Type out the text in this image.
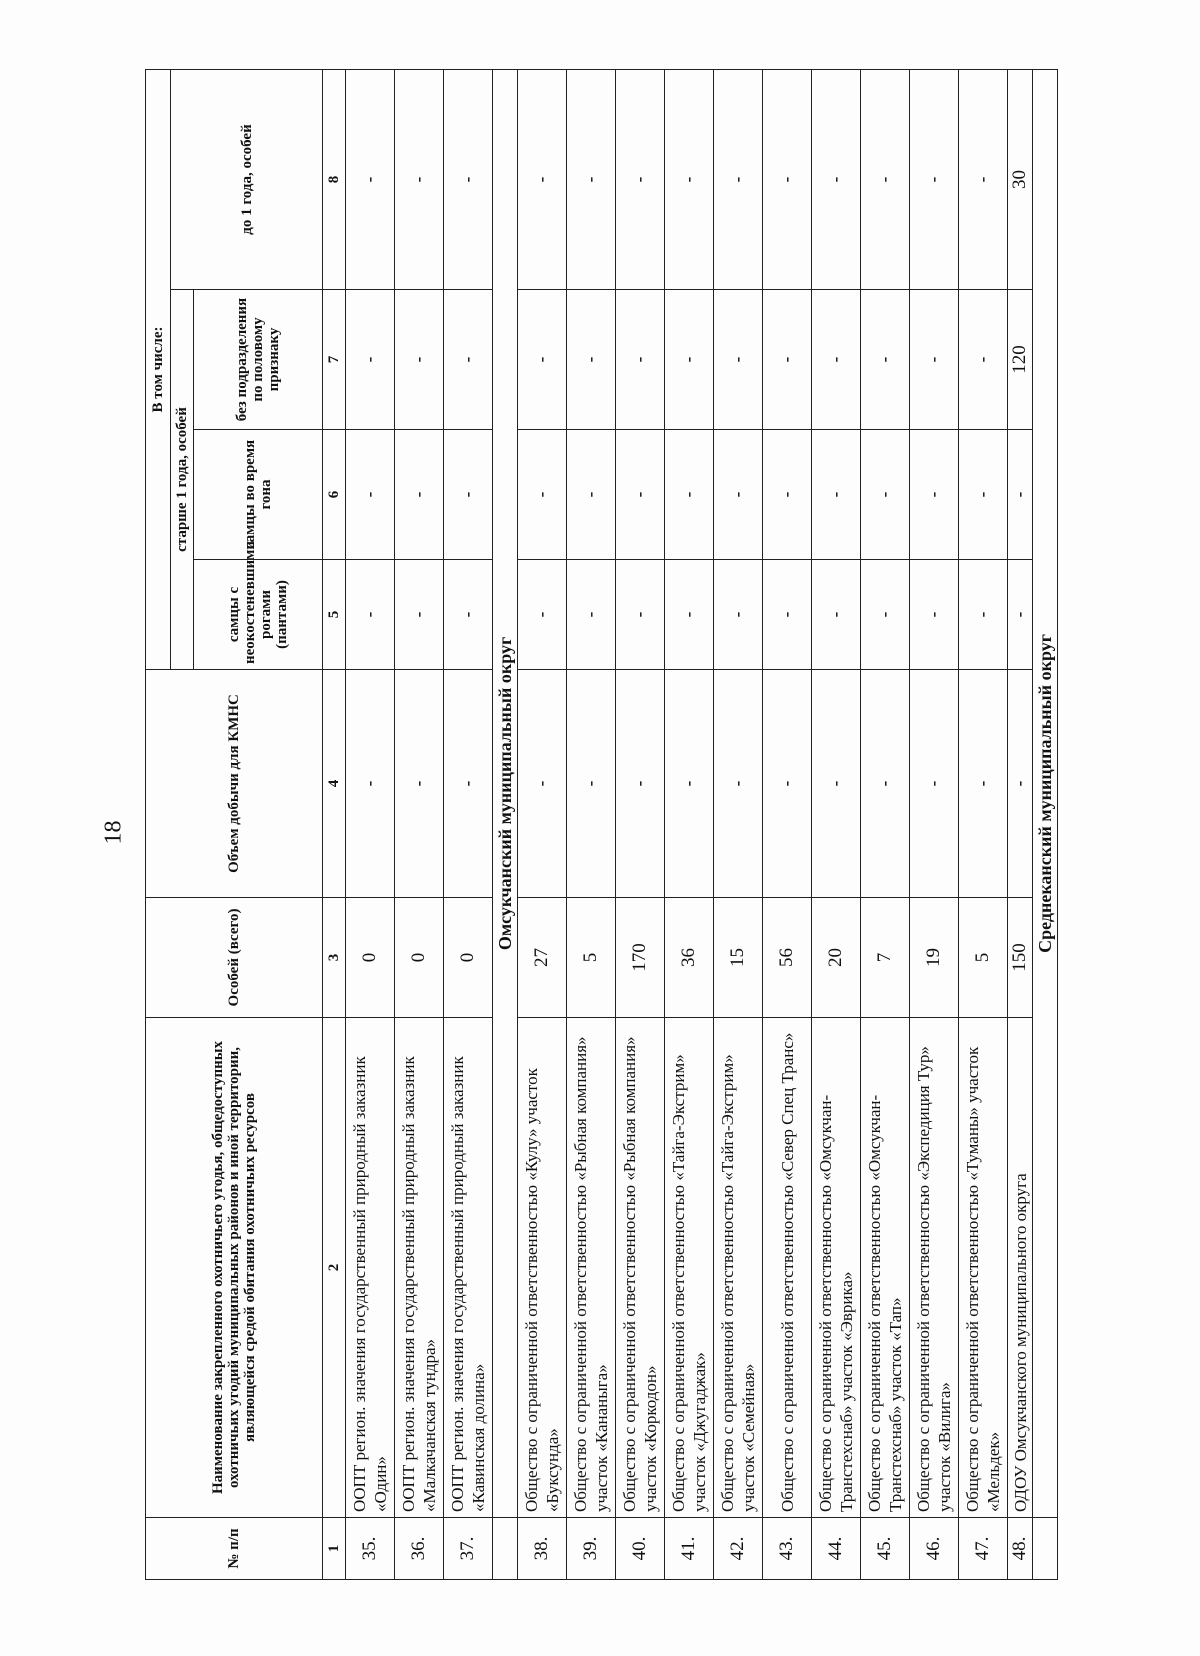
18
№ п/п	Наименование закрепленного охотничьего угодья, общедоступных охотничьих угодий муниципальных районов и иной территории, являющейся средой обитания охотничьих ресурсов	Особей (всего)	Объем добычи для КМНС	В том числе:			
				старше 1 года, особей			до 1 года, особей
				самцы с неокостеневшими рогами (пантами)	самцы во время гона	без подразделения по половому признаку	
1	2	3	4	5	6	7	8
35.	ООПТ регион. значения государственный природный заказник «Один»	0	-	-	-	-	-
36.	ООПТ регион. значения государственный природный заказник «Малкачанская тундра»	0	-	-	-	-	-
37.	ООПТ регион. значения государственный природный заказник «Кавинская долина»	0	-	-	-	-	-
	Омсукчанский муниципальный округ						
38.	Общество с ограниченной ответственностью «Кулу» участок «Буксунда»	27	-	-	-	-	-
39.	Общество с ограниченной ответственностью «Рыбная компания» участок «Кананыга»	5	-	-	-	-	-
40.	Общество с ограниченной ответственностью «Рыбная компания» участок «Коркодон»	170	-	-	-	-	-
41.	Общество с ограниченной ответственностью «Тайга-Экстрим» участок «Джугаджак»	36	-	-	-	-	-
42.	Общество с ограниченной ответственностью «Тайга-Экстрим» участок «Семейная»	15	-	-	-	-	-
43.	Общество с ограниченной ответственностью «Север Спец Транс»	56	-	-	-	-	-
44.	Общество с ограниченной ответственностью «Омсукчан-Транстехснаб» участок «Эврика»	20	-	-	-	-	-
45.	Общество с ограниченной ответственностью «Омсукчан-Транстехснаб» участок «Тап»	7	-	-	-	-	-
46.	Общество с ограниченной ответственностью «Экспедиция Тур» участок «Вилига»	19	-	-	-	-	-
47.	Общество с ограниченной ответственностью «Туманы» участок «Мельдек»	5	-	-	-	-	-
48.	ОДОУ Омсукчанского муниципального округа	150	-	-	-	120	30
	Среднеканский муниципальный округ						
